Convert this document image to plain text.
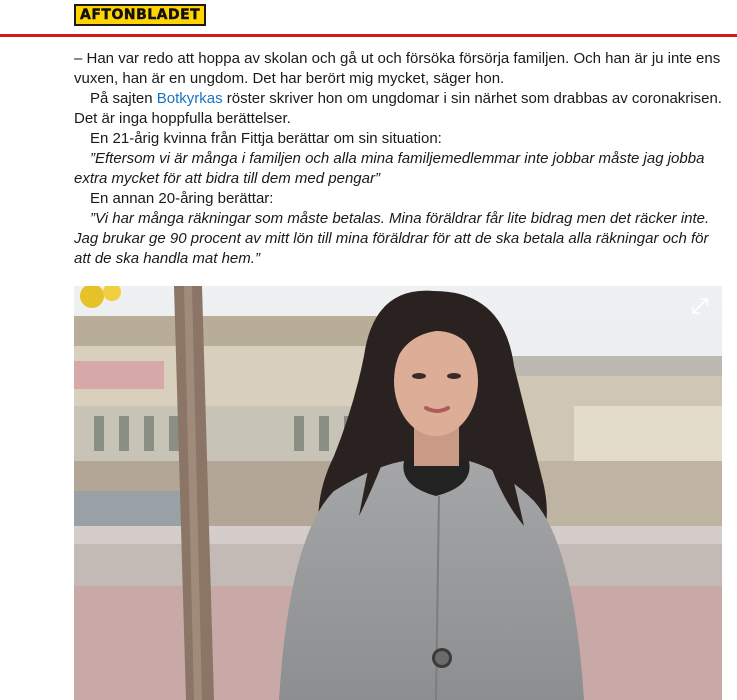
AFTONBLADET

– Han var redo att hoppa av skolan och gå ut och försöka försörja familjen. Och han är ju inte ens vuxen, han är en ungdom. Det har berört mig mycket, säger hon.

På sajten Botkyrkas röster skriver hon om ungdomar i sin närhet som drabbas av coronakrisen. Det är inga hoppfulla berättelser.

En 21-årig kvinna från Fittja berättar om sin situation:

”Eftersom vi är många i familjen och alla mina familjemedlemmar inte jobbar måste jag jobba extra mycket för att bidra till dem med pengar”

En annan 20-åring berättar:

”Vi har många räkningar som måste betalas. Mina föräldrar får lite bidrag men det räcker inte. Jag brukar ge 90 procent av mitt lön till mina föräldrar för att de ska betala alla räkningar och för att de ska handla mat hem.”
